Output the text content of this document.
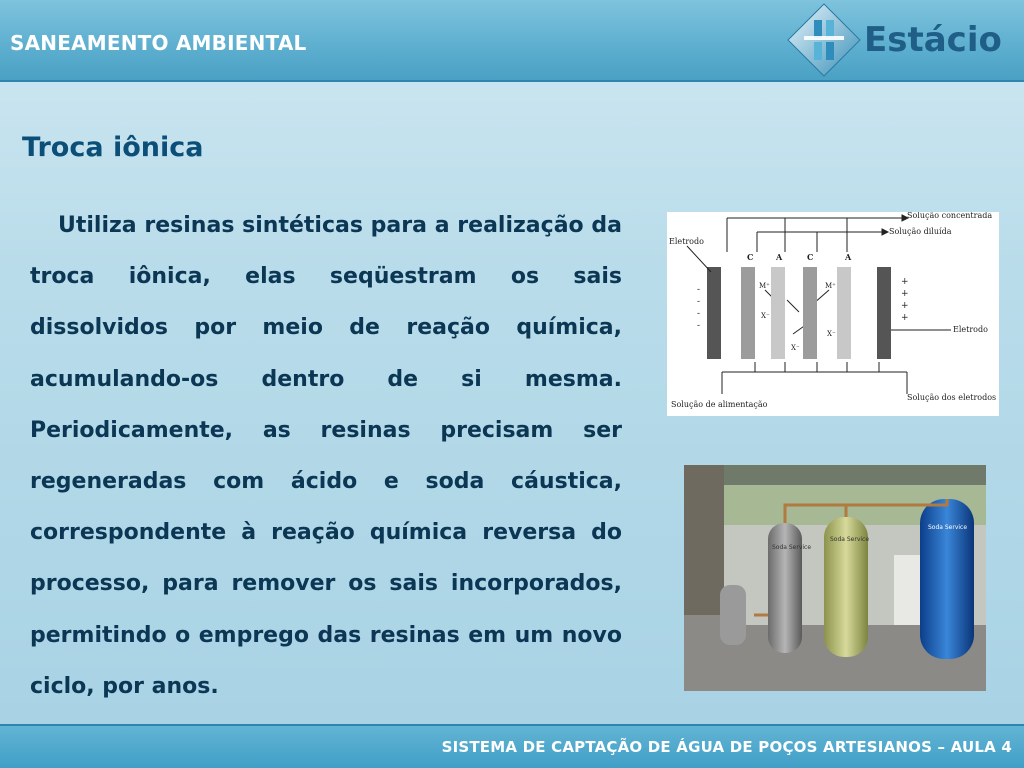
SANEAMENTO AMBIENTAL	Estácio
Troca iônica
Utiliza resinas sintéticas para a realização da troca iônica, elas seqüestram os sais dissolvidos por meio de reação química, acumulando-os dentro de si mesma. Periodicamente, as resinas precisam ser regeneradas com ácido e soda cáustica, correspondente à reação química reversa do processo, para remover os sais incorporados, permitindo o emprego das resinas em um novo ciclo, por anos.
Solução concentrada
Solução diluída
Eletrodo
Eletrodo
Solução de alimentação
Solução dos eletrodos
C	A	C	A
M⁺	M⁺
X⁻
X⁻
X⁻
-
-
-
-
+
+
+
+
Soda Service
Soda Service
Soda Service
SISTEMA DE CAPTAÇÃO DE ÁGUA DE POÇOS ARTESIANOS – AULA 4
